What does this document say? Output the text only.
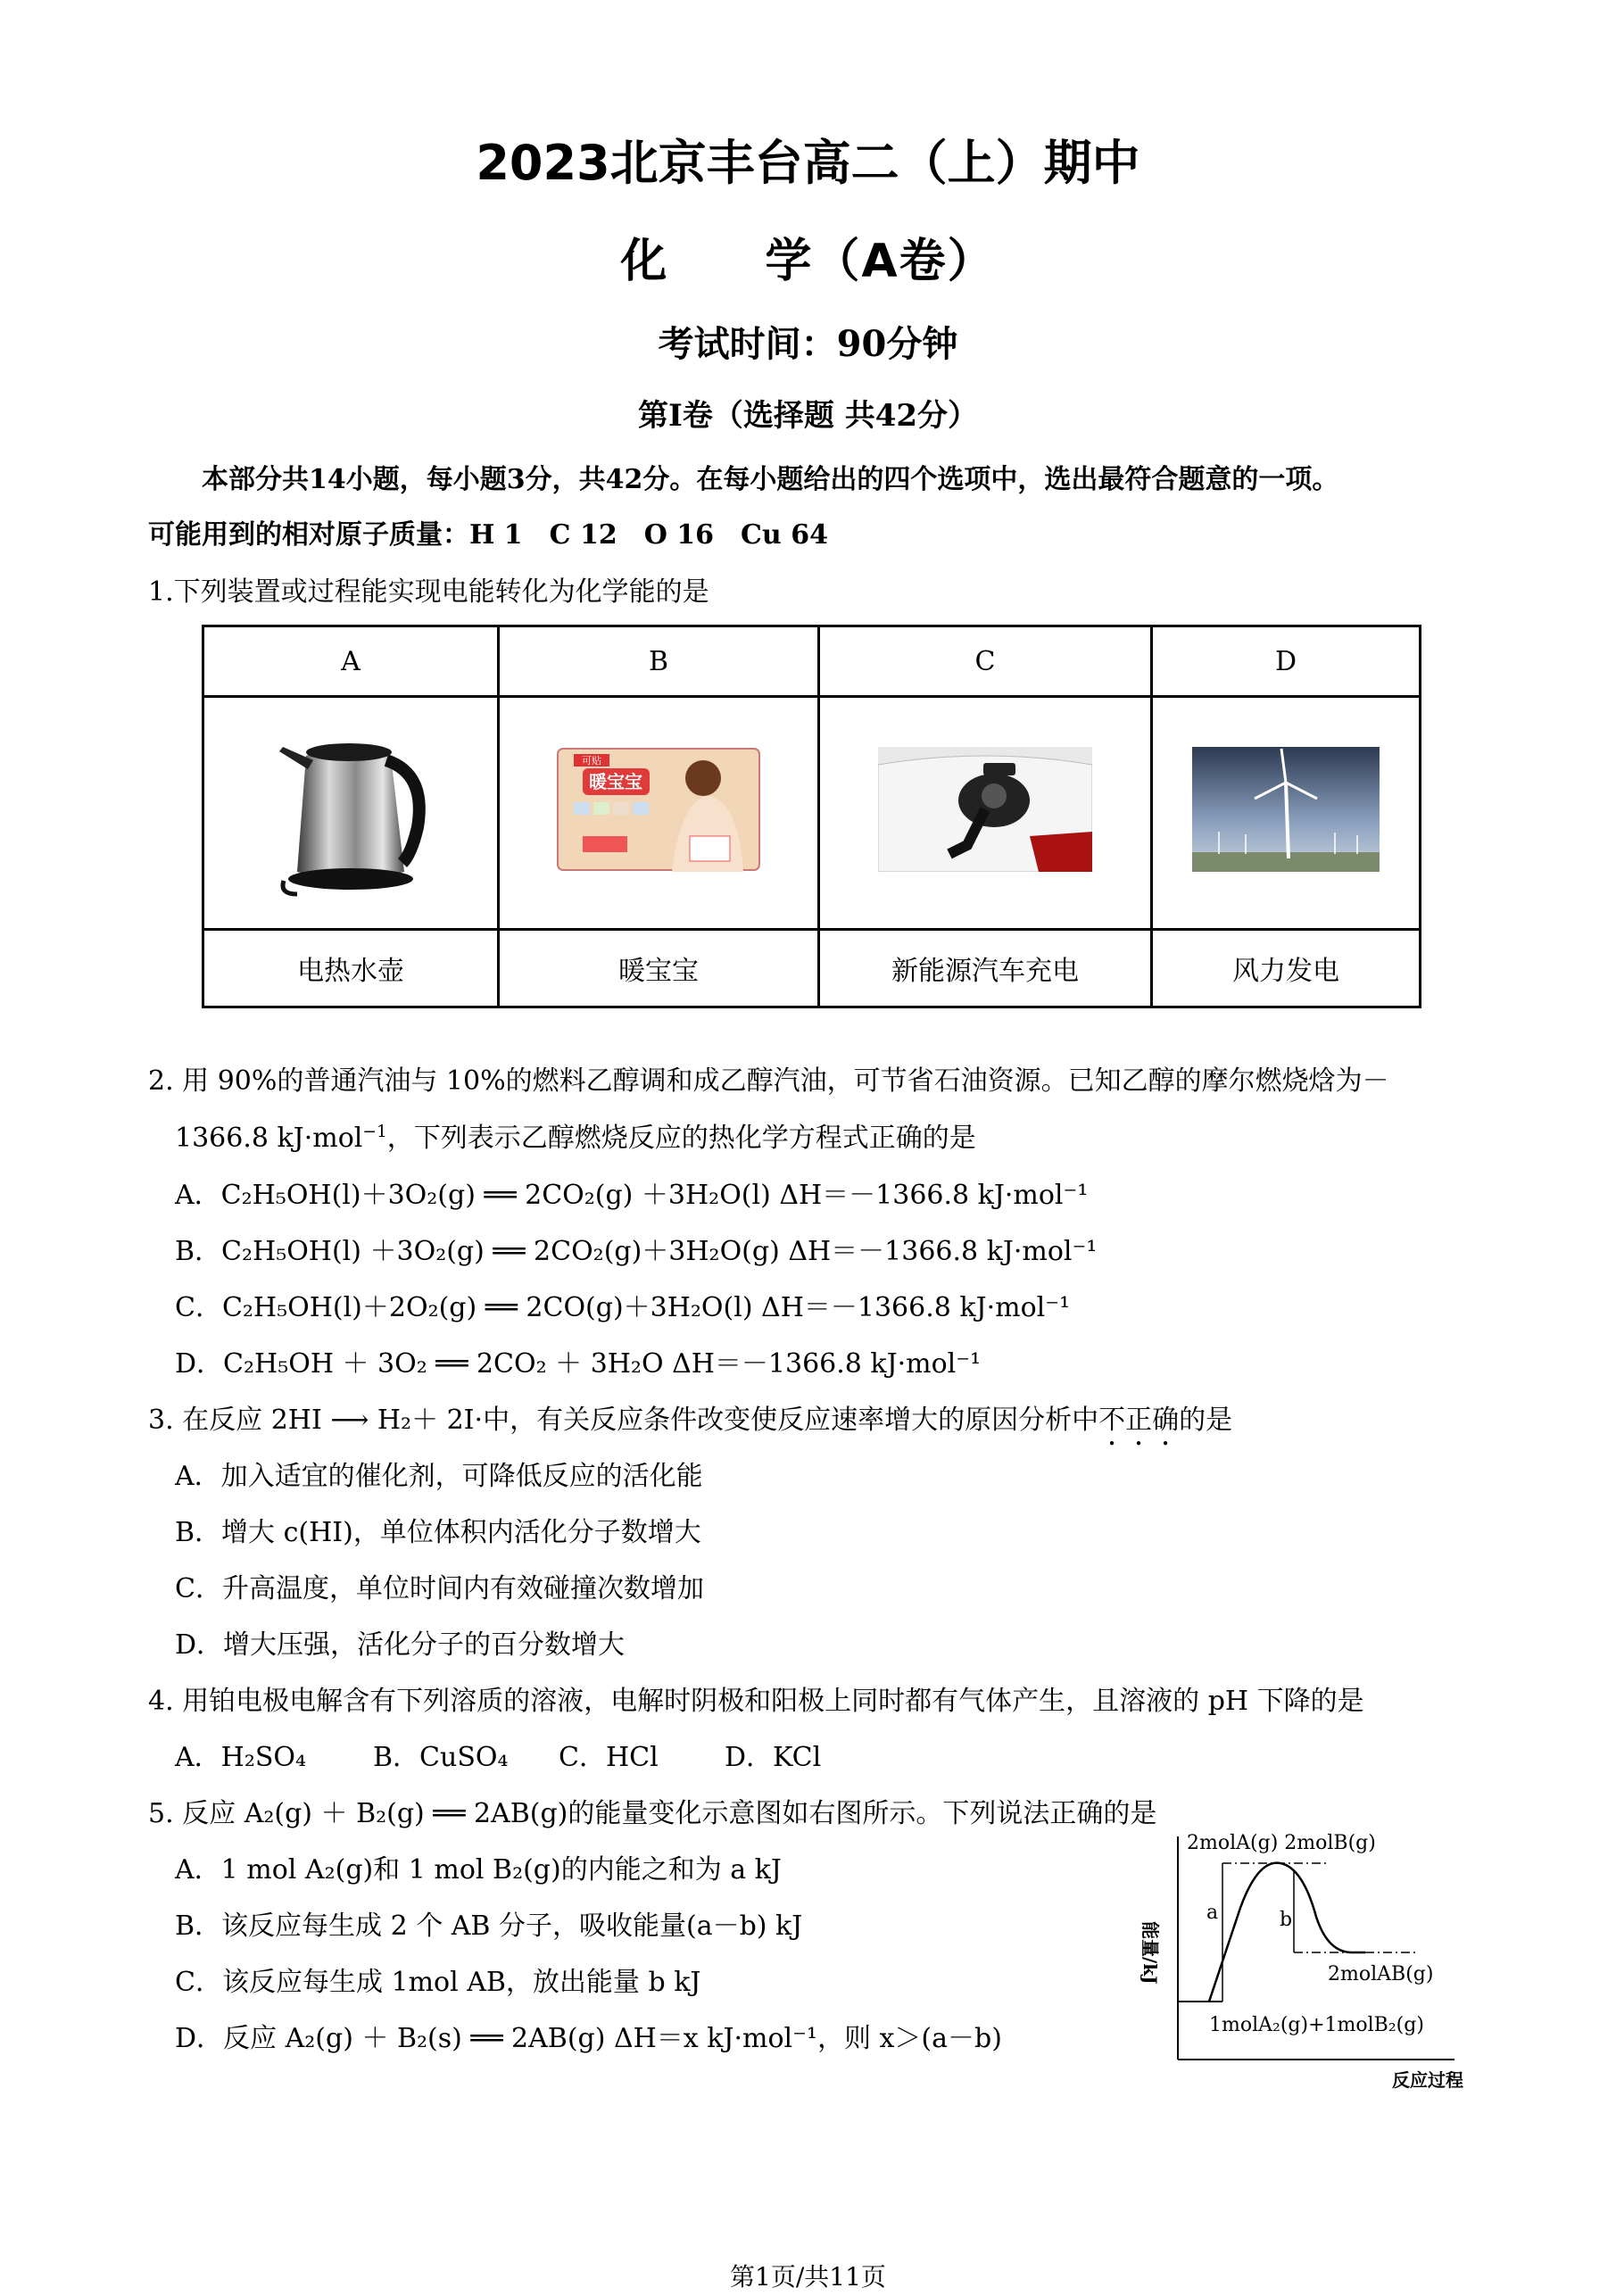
2023北京丰台高二（上）期中
化　　学（A卷）
考试时间：90分钟
第Ⅰ卷（选择题 共42分）
本部分共14小题，每小题3分，共42分。在每小题给出的四个选项中，选出最符合题意的一项。
可能用到的相对原子质量：H 1　C 12　O 16　Cu 64
1.下列装置或过程能实现电能转化为化学能的是
A	B	C	D

可贴
暖宝宝

电热水壶	暖宝宝	新能源汽车充电	风力发电
2. 用 90%的普通汽油与 10%的燃料乙醇调和成乙醇汽油，可节省石油资源。已知乙醇的摩尔燃烧焓为－
1366.8 kJ·mol$^{-1}$，下列表示乙醇燃烧反应的热化学方程式正确的是
A．C₂H₅OH(l)＋3O₂(g) ══ 2CO₂(g) ＋3H₂O(l) ΔH＝－1366.8 kJ·mol⁻¹
B．C₂H₅OH(l) ＋3O₂(g) ══ 2CO₂(g)＋3H₂O(g) ΔH＝－1366.8 kJ·mol⁻¹
C．C₂H₅OH(l)＋2O₂(g) ══ 2CO(g)＋3H₂O(l) ΔH＝－1366.8 kJ·mol⁻¹
D．C₂H₅OH ＋ 3O₂ ══ 2CO₂ ＋ 3H₂O ΔH＝－1366.8 kJ·mol⁻¹
3. 在反应 2HI ⟶ H₂＋ 2I·中，有关反应条件改变使反应速率增大的原因分析中不正确的是
A．加入适宜的催化剂，可降低反应的活化能
B．增大 c(HI)，单位体积内活化分子数增大
C．升高温度，单位时间内有效碰撞次数增加
D．增大压强，活化分子的百分数增大
4. 用铂电极电解含有下列溶质的溶液，电解时阴极和阳极上同时都有气体产生，且溶液的 pH 下降的是
A．H₂SO₄ B．CuSO₄ C．HCl D．KCl
5. 反应 A₂(g) ＋ B₂(g) ══ 2AB(g)的能量变化示意图如右图所示。下列说法正确的是
A．1 mol A₂(g)和 1 mol B₂(g)的内能之和为 a kJ
B．该反应每生成 2 个 AB 分子，吸收能量(a－b) kJ
C．该反应每生成 1mol AB，放出能量 b kJ
D．反应 A₂(g) ＋ B₂(s) ══ 2AB(g) ΔH＝x kJ·mol⁻¹，则 x＞(a－b)
2molA(g) 2molB(g)
2molAB(g)
1molA₂(g)+1molB₂(g)
反应过程
能量/kJ
a	b
第1页/共11页
